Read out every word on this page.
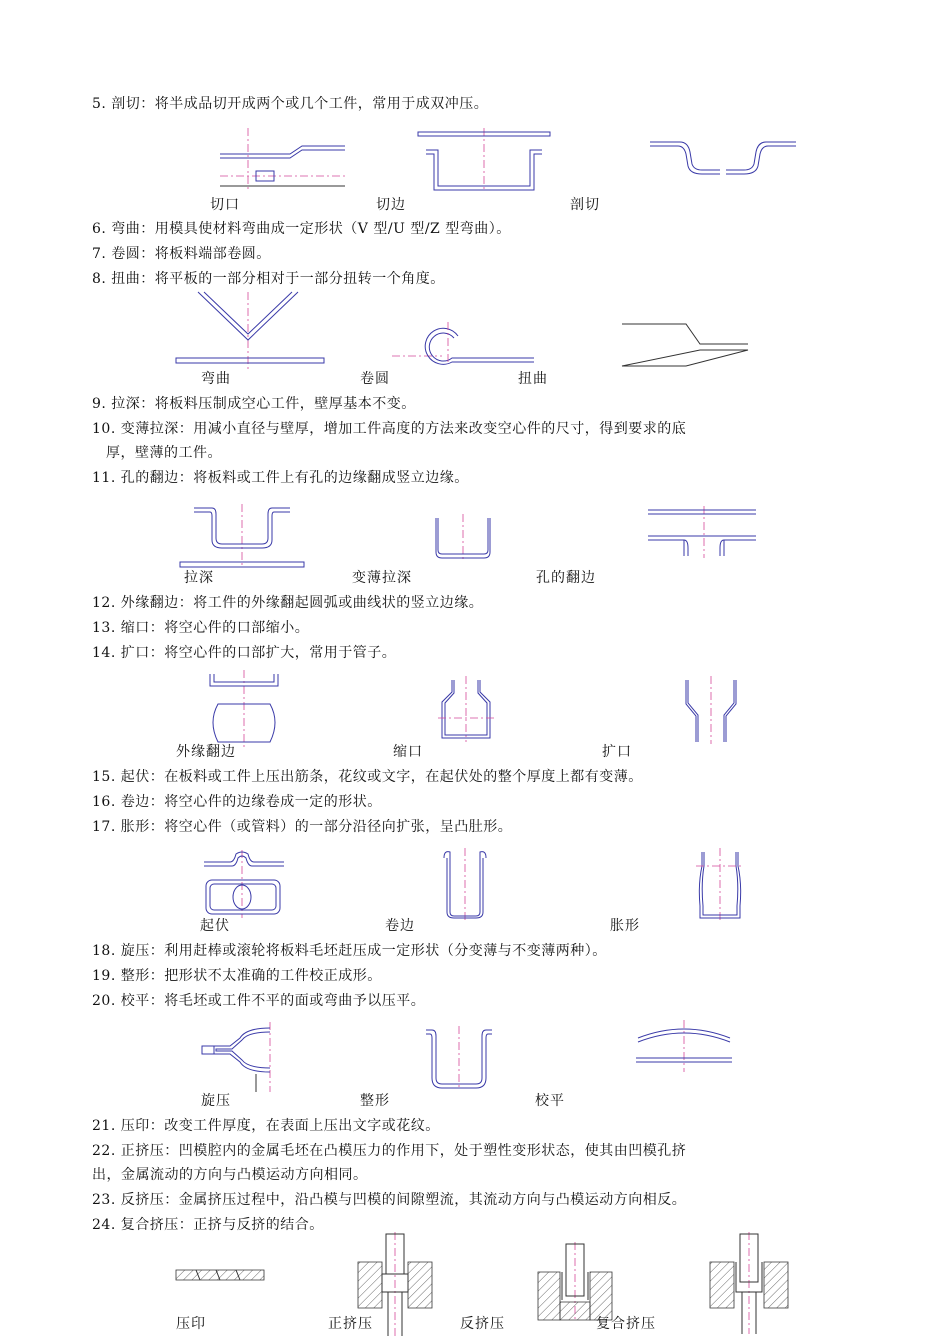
5. 剖切：将半成品切开成两个或几个工件，常用于成双冲压。
6. 弯曲：用模具使材料弯曲成一定形状（V 型/U 型/Z 型弯曲）。
7. 卷圆：将板料端部卷圆。
8. 扭曲：将平板的一部分相对于一部分扭转一个角度。
9. 拉深：将板料压制成空心工件，壁厚基本不变。
10. 变薄拉深：用减小直径与壁厚，增加工件高度的方法来改变空心件的尺寸，得到要求的底
厚，壁薄的工件。
11. 孔的翻边：将板料或工件上有孔的边缘翻成竖立边缘。
12. 外缘翻边：将工件的外缘翻起圆弧或曲线状的竖立边缘。
13. 缩口：将空心件的口部缩小。
14. 扩口：将空心件的口部扩大，常用于管子。
15. 起伏：在板料或工件上压出筋条，花纹或文字，在起伏处的整个厚度上都有变薄。
16. 卷边：将空心件的边缘卷成一定的形状。
17. 胀形：将空心件（或管料）的一部分沿径向扩张，呈凸肚形。
18. 旋压：利用赶棒或滚轮将板料毛坯赶压成一定形状（分变薄与不变薄两种）。
19. 整形：把形状不太准确的工件校正成形。
20. 校平：将毛坯或工件不平的面或弯曲予以压平。
21. 压印：改变工件厚度，在表面上压出文字或花纹。
22. 正挤压：凹模腔内的金属毛坯在凸模压力的作用下，处于塑性变形状态，使其由凹模孔挤
出，金属流动的方向与凸模运动方向相同。
23. 反挤压：金属挤压过程中，沿凸模与凹模的间隙塑流，其流动方向与凸模运动方向相反。
24. 复合挤压：正挤与反挤的结合。
切口	切边	剖切
弯曲	卷圆	扭曲
拉深	变薄拉深	孔的翻边
外缘翻边	缩口	扩口
起伏	卷边	胀形
旋压	整形	校平
压印	正挤压	反挤压	复合挤压
